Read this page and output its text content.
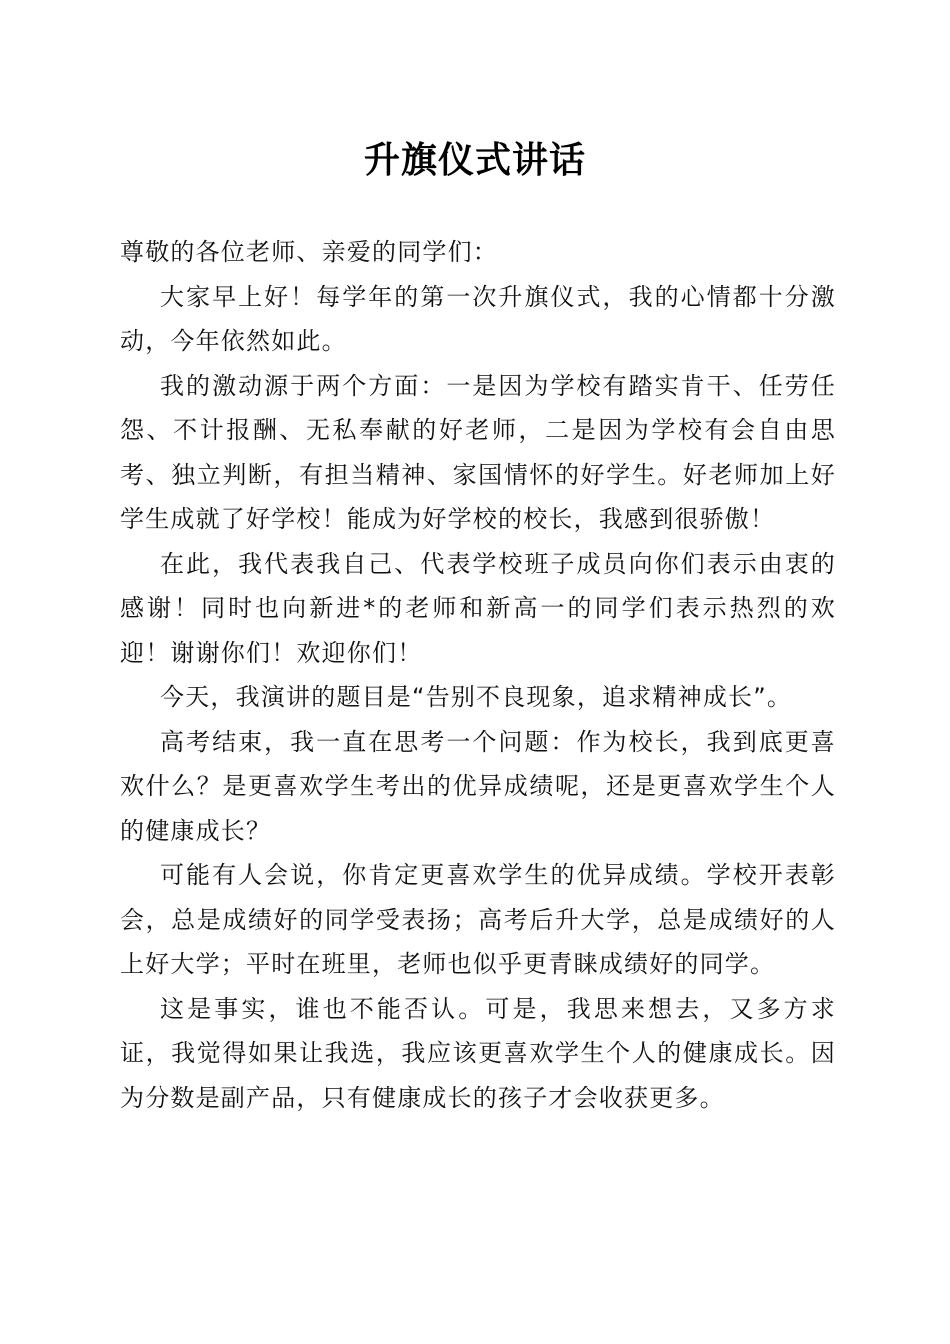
升旗仪式讲话

尊敬的各位老师、亲爱的同学们：

大家早上好！每学年的第一次升旗仪式，我的心情都十分激动，今年依然如此。

我的激动源于两个方面：一是因为学校有踏实肯干、任劳任怨、不计报酬、无私奉献的好老师，二是因为学校有会自由思考、独立判断，有担当精神、家国情怀的好学生。好老师加上好学生成就了好学校！能成为好学校的校长，我感到很骄傲！

在此，我代表我自己、代表学校班子成员向你们表示由衷的感谢！同时也向新进*的老师和新高一的同学们表示热烈的欢迎！谢谢你们！欢迎你们！

今天，我演讲的题目是“告别不良现象，追求精神成长”。

高考结束，我一直在思考一个问题：作为校长，我到底更喜欢什么？是更喜欢学生考出的优异成绩呢，还是更喜欢学生个人的健康成长？

可能有人会说，你肯定更喜欢学生的优异成绩。学校开表彰会，总是成绩好的同学受表扬；高考后升大学，总是成绩好的人上好大学；平时在班里，老师也似乎更青睐成绩好的同学。

这是事实，谁也不能否认。可是，我思来想去，又多方求证，我觉得如果让我选，我应该更喜欢学生个人的健康成长。因为分数是副产品，只有健康成长的孩子才会收获更多。
